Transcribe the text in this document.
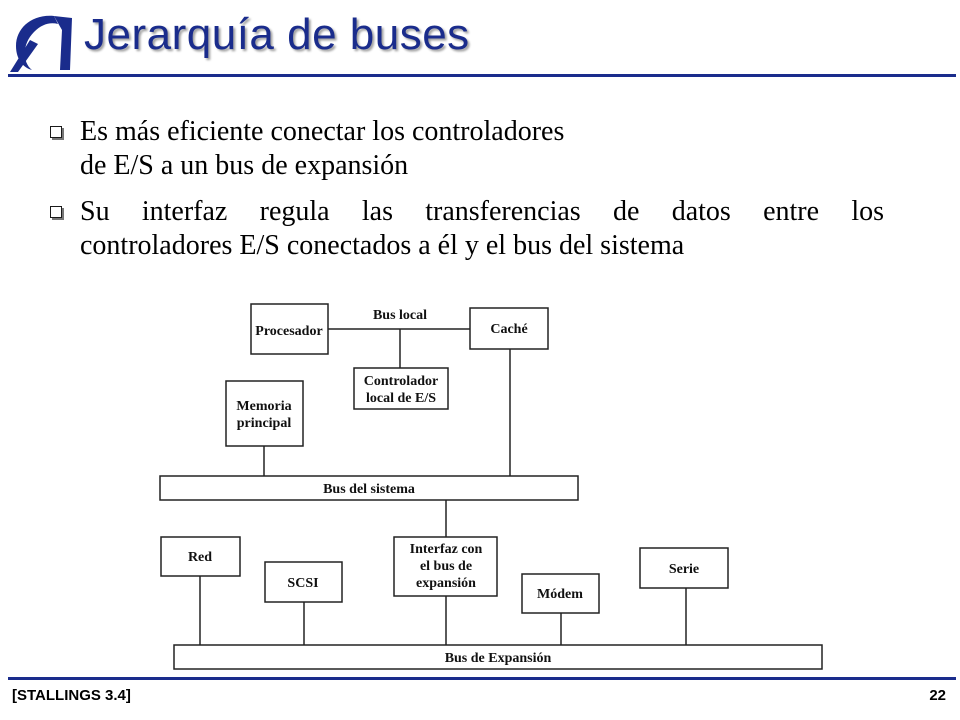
Jerarquía de buses
Es más eficiente conectar los controladores
de E/S a un bus de expansión
Su interfaz regula las transferencias de datos entre los
controladores E/S conectados a él y el bus del sistema
Bus local
Procesador	Caché
Controlador
local de E/S
Memoria
principal
Bus del sistema
Red
SCSI
Interfaz con
el bus de
expansión
Módem
Serie
Bus de Expansión
[STALLINGS 3.4]	22
